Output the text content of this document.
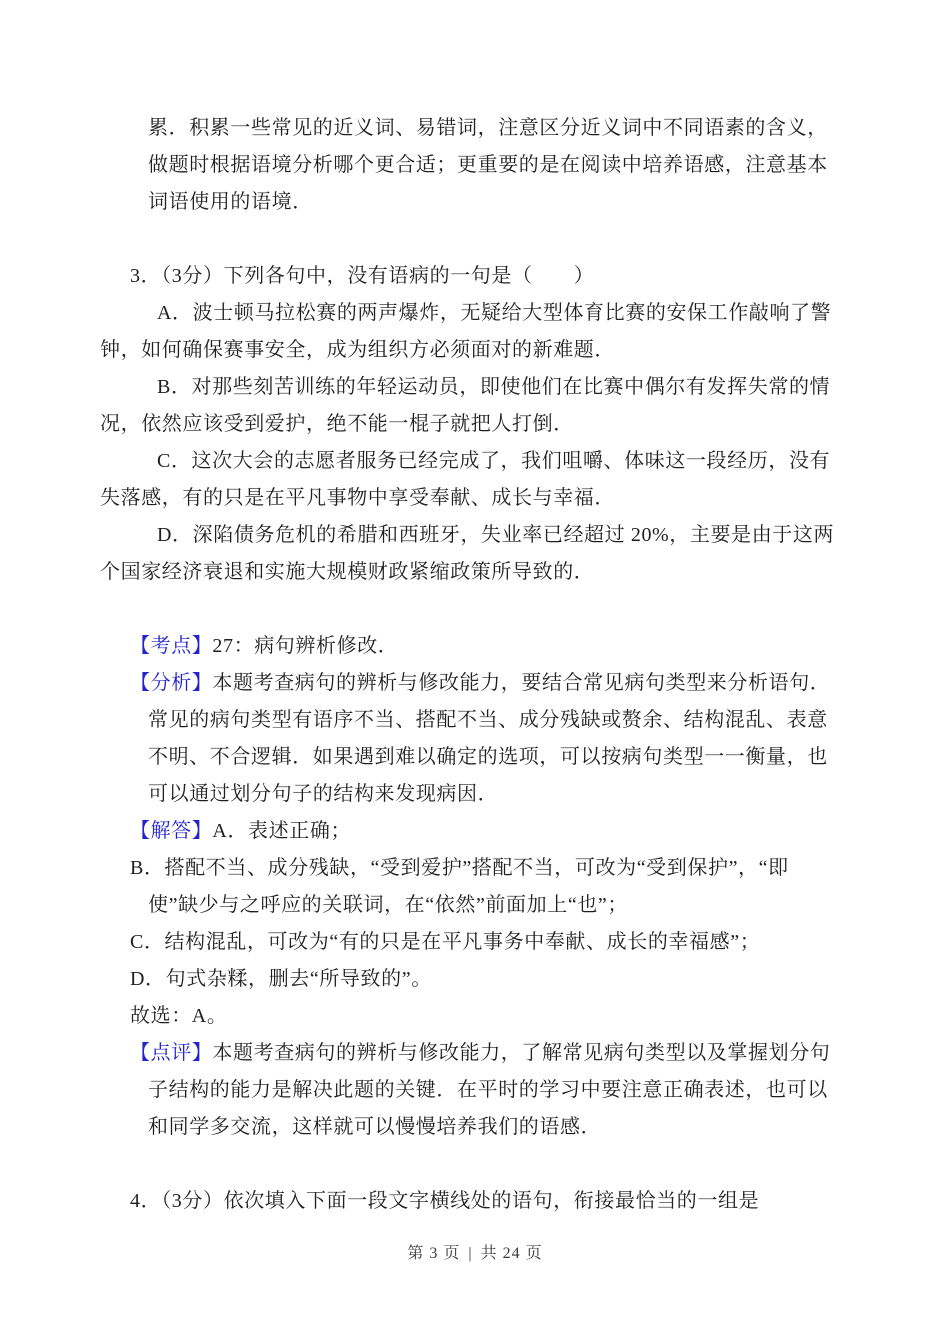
累．积累一些常见的近义词、易错词，注意区分近义词中不同语素的含义，
做题时根据语境分析哪个更合适；更重要的是在阅读中培养语感，注意基本
词语使用的语境．
3．（3分）下列各句中，没有语病的一句是（　　）
A．波士顿马拉松赛的两声爆炸，无疑给大型体育比赛的安保工作敲响了警
钟，如何确保赛事安全，成为组织方必须面对的新难题．
B．对那些刻苦训练的年轻运动员，即使他们在比赛中偶尔有发挥失常的情
况，依然应该受到爱护，绝不能一棍子就把人打倒．
C．这次大会的志愿者服务已经完成了，我们咀嚼、体味这一段经历，没有
失落感，有的只是在平凡事物中享受奉献、成长与幸福．
D．深陷债务危机的希腊和西班牙，失业率已经超过 20%，主要是由于这两
个国家经济衰退和实施大规模财政紧缩政策所导致的．
【考点】27：病句辨析修改．
【分析】本题考查病句的辨析与修改能力，要结合常见病句类型来分析语句．
常见的病句类型有语序不当、搭配不当、成分残缺或赘余、结构混乱、表意
不明、不合逻辑．如果遇到难以确定的选项，可以按病句类型一一衡量，也
可以通过划分句子的结构来发现病因．
【解答】A．表述正确；
B．搭配不当、成分残缺，“受到爱护”搭配不当，可改为“受到保护”，“即
使”缺少与之呼应的关联词，在“依然”前面加上“也”；
C．结构混乱，可改为“有的只是在平凡事务中奉献、成长的幸福感”；
D．句式杂糅，删去“所导致的”。
故选：A。
【点评】本题考查病句的辨析与修改能力，了解常见病句类型以及掌握划分句
子结构的能力是解决此题的关键．在平时的学习中要注意正确表述，也可以
和同学多交流，这样就可以慢慢培养我们的语感．
4．（3分）依次填入下面一段文字横线处的语句，衔接最恰当的一组是
第 3 页 | 共 24 页
